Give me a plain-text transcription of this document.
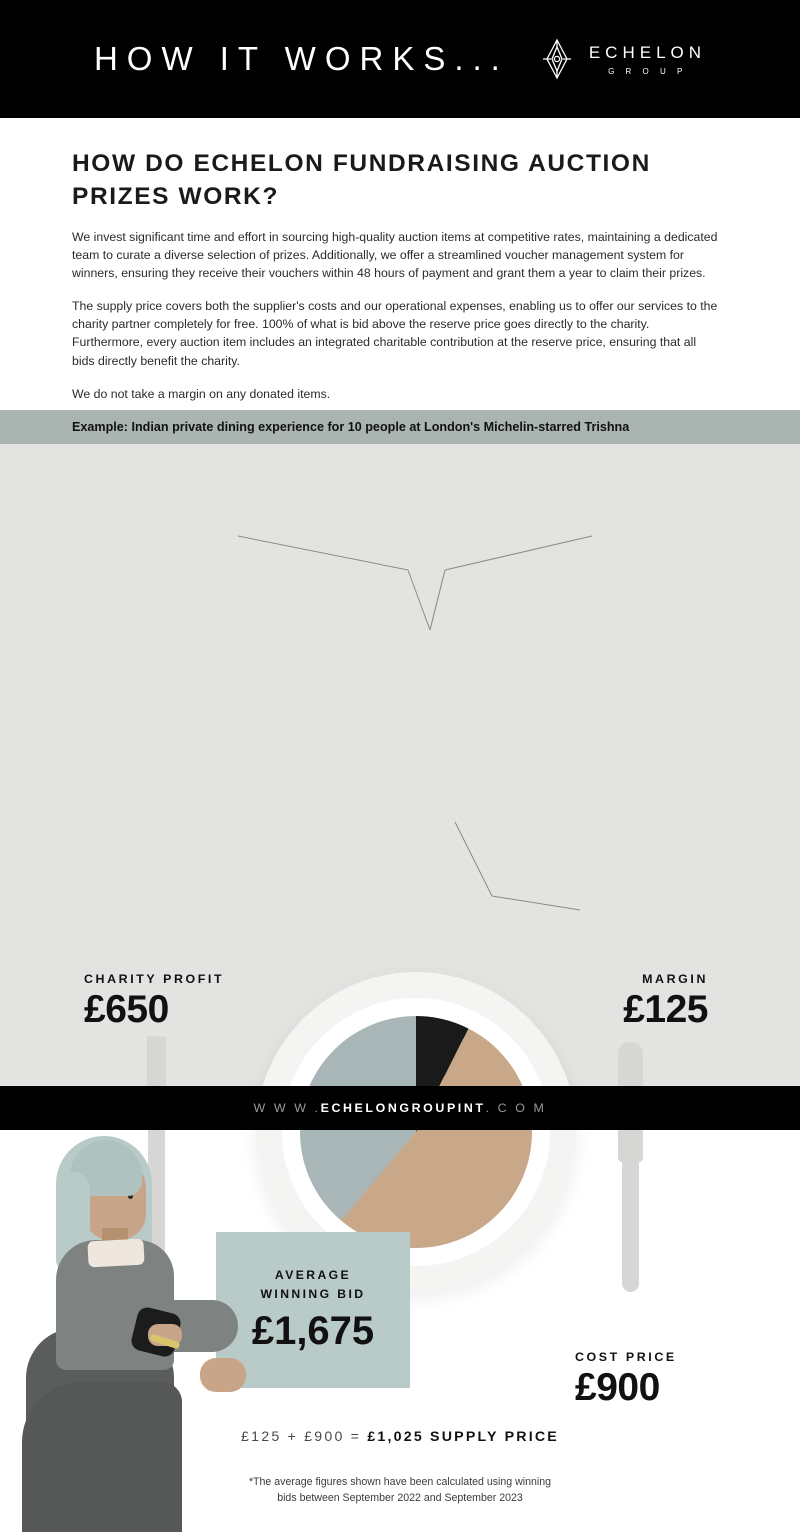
HOW IT WORKS...	ECHELON
G R O U P
HOW DO ECHELON FUNDRAISING AUCTION PRIZES WORK?

We invest significant time and effort in sourcing high-quality auction items at competitive rates, maintaining a dedicated team to curate a diverse selection of prizes. Additionally, we offer a streamlined voucher management system for winners, ensuring they receive their vouchers within 48 hours of payment and grant them a year to claim their prizes.

The supply price covers both the supplier's costs and our operational expenses, enabling us to offer our services to the charity partner completely for free. 100% of what is bid above the reserve price goes directly to the charity. Furthermore, every auction item includes an integrated charitable contribution at the reserve price, ensuring that all bids directly benefit the charity.

We do not take a margin on any donated items.

Example: Indian private dining experience for 10 people at London's Michelin-starred Trishna
CHARITY PROFIT
£650
MARGIN
£125
COST PRICE
£900
AVERAGE
WINNING BID
£1,675
£125 + £900 = £1,025 SUPPLY PRICE
*The average figures shown have been calculated using winning
bids between September 2022 and September 2023
W W W .ECHELONGROUPINT. C O M
